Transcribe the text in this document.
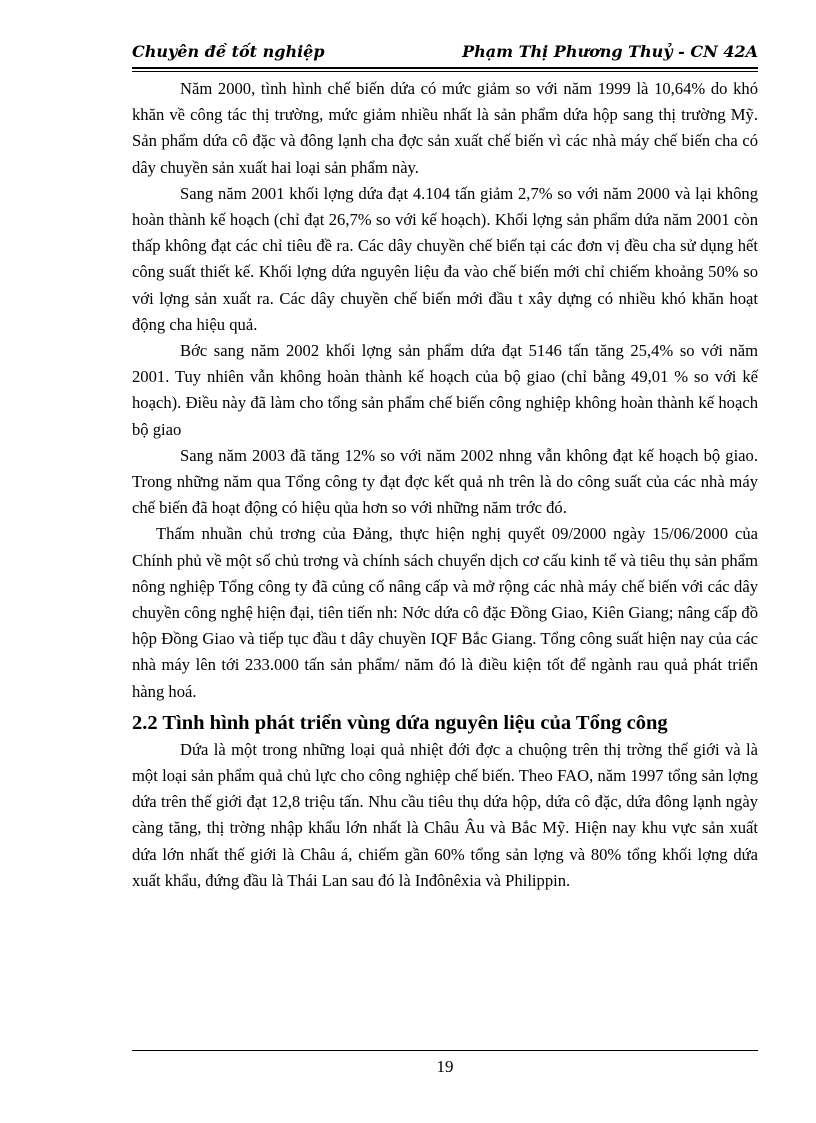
Chuyên đề tốt nghiệp	Phạm Thị Phương Thuỷ - CN 42A

Năm 2000, tình hình chế biến dứa có mức giảm so với năm 1999 là 10,64% do khó khăn về công tác thị trường, mức giảm nhiều nhất là sản phẩm dứa hộp sang thị trường Mỹ. Sản phẩm dứa cô đặc và đông lạnh cha đợc sản xuất chế biến vì các nhà máy chế biến cha có dây chuyền sản xuất hai loại sản phẩm này.

Sang năm 2001 khối lợng dứa đạt 4.104 tấn giảm 2,7% so với năm 2000 và lại không hoàn thành kế hoạch (chỉ đạt 26,7% so với kế hoạch). Khối lợng sản phẩm dứa năm 2001 còn thấp không đạt các chỉ tiêu đề ra. Các dây chuyền chế biến tại các đơn vị đều cha sử dụng hết công suất thiết kế. Khối lợng dứa nguyên liệu đa vào chế biến mới chỉ chiếm khoảng 50% so với lợng sản xuất ra. Các dây chuyền chế biến mới đầu t xây dựng có nhiều khó khăn hoạt động cha hiệu quả.

Bớc sang năm 2002 khối lợng sản phẩm dứa đạt 5146 tấn tăng 25,4% so với năm 2001. Tuy nhiên vẫn không hoàn thành kế hoạch của bộ giao (chỉ bằng 49,01 % so với kế hoạch). Điều này đã làm cho tổng sản phẩm chế biến công nghiệp không hoàn thành kế hoạch bộ giao

Sang năm 2003 đã tăng 12% so với năm 2002 nhng vẫn không đạt kế hoạch bộ giao. Trong những năm qua Tổng công ty đạt đợc kết quả nh trên là do công suất của các nhà máy chế biến đã hoạt động có hiệu qủa hơn so với những năm trớc đó.

Thấm nhuần chủ trơng của Đảng, thực hiện nghị quyết 09/2000 ngày 15/06/2000 của Chính phủ về một số chủ trơng và chính sách chuyển dịch cơ cấu kinh tế và tiêu thụ sản phẩm nông nghiệp Tổng công ty đã củng cố nâng cấp và mở rộng các nhà máy chế biến với các dây chuyền công nghệ hiện đại, tiên tiến nh: Nớc dứa cô đặc Đồng Giao, Kiên Giang; nâng cấp đồ hộp Đồng Giao và tiếp tục đầu t dây chuyền IQF Bắc Giang. Tổng công suất hiện nay của các nhà máy lên tới 233.000 tấn sản phẩm/ năm đó là điều kiện tốt để ngành rau quả phát triển hàng hoá.

2.2 Tình hình phát triển vùng dứa nguyên liệu của Tổng công

Dứa là một trong những loại quả nhiệt đới đợc a chuộng trên thị trờng thế giới và là một loại sản phẩm quả chủ lực cho công nghiệp chế biến. Theo FAO, năm 1997 tổng sản lợng dứa trên thế giới đạt 12,8 triệu tấn. Nhu cầu tiêu thụ dứa hộp, dứa cô đặc, dứa đông lạnh ngày càng tăng, thị trờng nhập khẩu lớn nhất là Châu Âu và Bắc Mỹ. Hiện nay khu vực sản xuất dứa lớn nhất thế giới là Châu á, chiếm gần 60% tổng sản lợng và 80% tổng khối lợng dứa xuất khẩu, đứng đầu là Thái Lan sau đó là Inđônêxia và Philippin.

19
